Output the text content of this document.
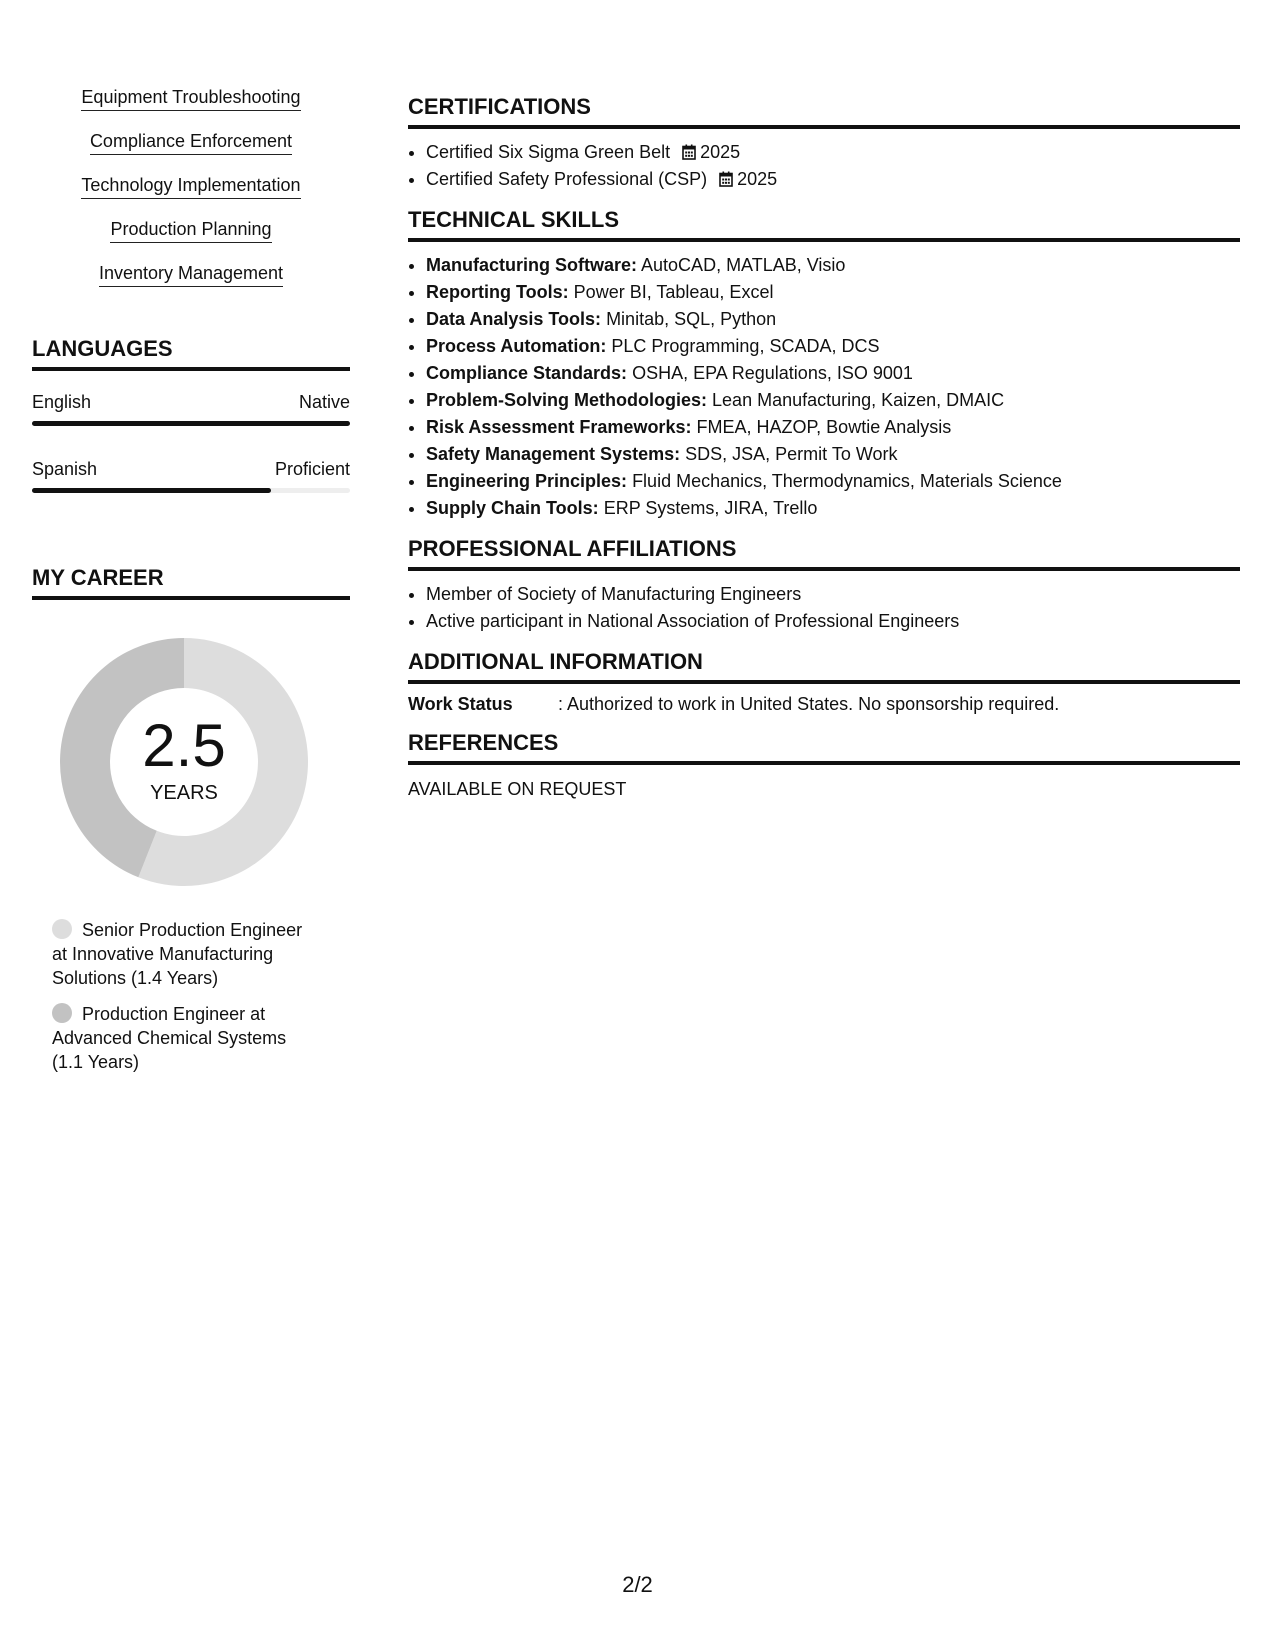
Equipment Troubleshooting
Compliance Enforcement
Technology Implementation
Production Planning
Inventory Management
LANGUAGES
English	Native
Spanish	Proficient
MY CAREER
2.5
YEARS
Senior Production Engineer at Innovative Manufacturing Solutions (1.4 Years)
Production Engineer at Advanced Chemical Systems (1.1 Years)
CERTIFICATIONS
• Certified Six Sigma Green Belt 2025
• Certified Safety Professional (CSP) 2025
TECHNICAL SKILLS
• Manufacturing Software: AutoCAD, MATLAB, Visio
• Reporting Tools: Power BI, Tableau, Excel
• Data Analysis Tools: Minitab, SQL, Python
• Process Automation: PLC Programming, SCADA, DCS
• Compliance Standards: OSHA, EPA Regulations, ISO 9001
• Problem-Solving Methodologies: Lean Manufacturing, Kaizen, DMAIC
• Risk Assessment Frameworks: FMEA, HAZOP, Bowtie Analysis
• Safety Management Systems: SDS, JSA, Permit To Work
• Engineering Principles: Fluid Mechanics, Thermodynamics, Materials Science
• Supply Chain Tools: ERP Systems, JIRA, Trello
PROFESSIONAL AFFILIATIONS
• Member of Society of Manufacturing Engineers
• Active participant in National Association of Professional Engineers
ADDITIONAL INFORMATION
Work Status	: Authorized to work in United States. No sponsorship required.
REFERENCES
AVAILABLE ON REQUEST
2/2
